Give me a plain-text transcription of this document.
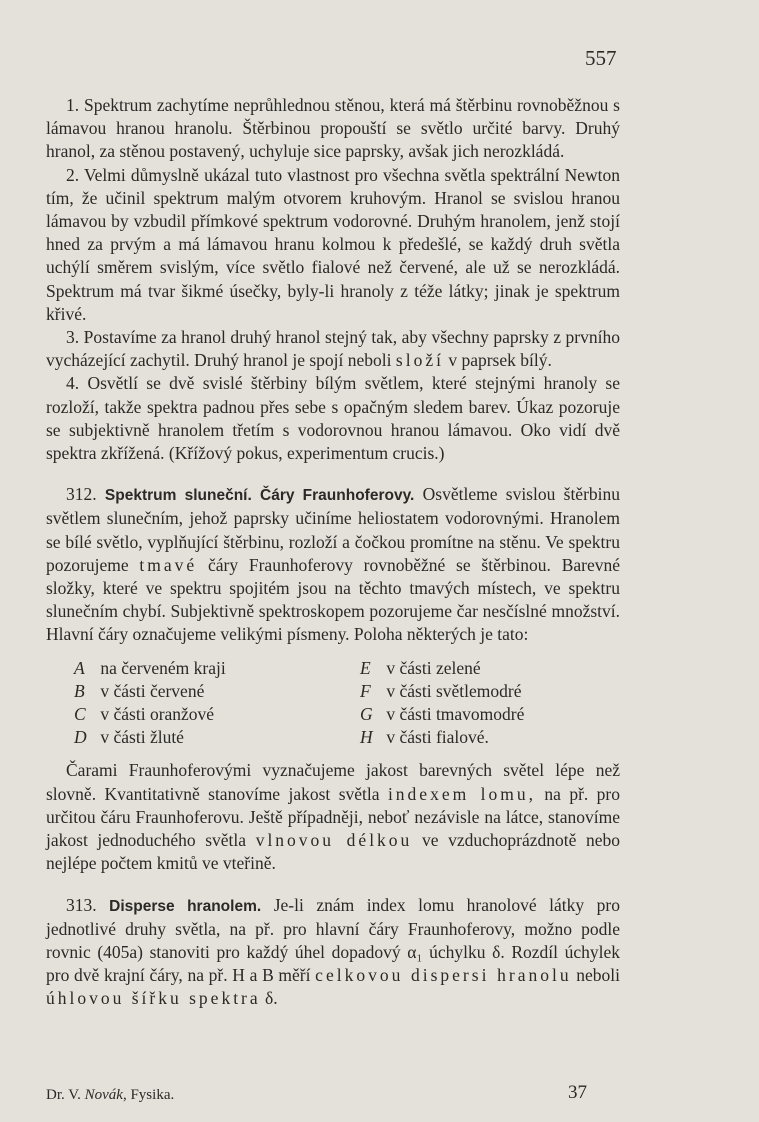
557

1. Spektrum zachytíme neprůhlednou stěnou, která má štěrbinu rovnoběžnou s lámavou hranou hranolu. Štěrbinou propouští se světlo určité barvy. Druhý hranol, za stěnou postavený, uchyluje sice paprsky, avšak jich nerozkládá.

2. Velmi důmyslně ukázal tuto vlastnost pro všechna světla spektrální Newton tím, že učinil spektrum malým otvorem kruhovým. Hranol se svislou hranou lámavou by vzbudil přímkové spektrum vodorovné. Druhým hranolem, jenž stojí hned za prvým a má lámavou hranu kolmou k předešlé, se každý druh světla uchýlí směrem svislým, více světlo fialové než červené, ale už se nerozkládá. Spektrum má tvar šikmé úsečky, byly-li hranoly z téže látky; jinak je spektrum křivé.

3. Postavíme za hranol druhý hranol stejný tak, aby všechny paprsky z prvního vycházející zachytil. Druhý hranol je spojí neboli složí v paprsek bílý.

4. Osvětlí se dvě svislé štěrbiny bílým světlem, které stejnými hranoly se rozloží, takže spektra padnou přes sebe s opačným sledem barev. Úkaz pozoruje se subjektivně hranolem třetím s vodorovnou hranou lámavou. Oko vidí dvě spektra zkřížená. (Křížový pokus, experimentum crucis.)

312. Spektrum sluneční. Čáry Fraunhoferovy. Osvětleme svislou štěrbinu světlem slunečním, jehož paprsky učiníme heliostatem vodorovnými. Hranolem se bílé světlo, vyplňující štěrbinu, rozloží a čočkou promítne na stěnu. Ve spektru pozorujeme tmavé čáry Fraunhoferovy rovnoběžné se štěrbinou. Barevné složky, které ve spektru spojitém jsou na těchto tmavých místech, ve spektru slunečním chybí. Subjektivně spektroskopem pozorujeme čar nesčíslné množství. Hlavní čáry označujeme velikými písmeny. Poloha některých je tato:

A na červeném kraji	E v části zelené
B v části červené	F v části světlemodré
C v části oranžové	G v části tmavomodré
D v části žluté	H v části fialové.

Čarami Fraunhoferovými vyznačujeme jakost barevných světel lépe než slovně. Kvantitativně stanovíme jakost světla indexem lomu, na př. pro určitou čáru Fraunhoferovu. Ještě případněji, neboť nezávisle na látce, stanovíme jakost jednoduchého světla vlnovou délkou ve vzduchoprázdnotě nebo nejlépe počtem kmitů ve vteřině.

313. Disperse hranolem. Je-li znám index lomu hranolové látky pro jednotlivé druhy světla, na př. pro hlavní čáry Fraunhoferovy, možno podle rovnic (405a) stanoviti pro každý úhel dopadový α₁ úchylku δ. Rozdíl úchylek pro dvě krajní čáry, na př. H a B měří celkovou dispersi hranolu neboli úhlovou šířku spektra δ.

Dr. V. Novák, Fysika.	37
